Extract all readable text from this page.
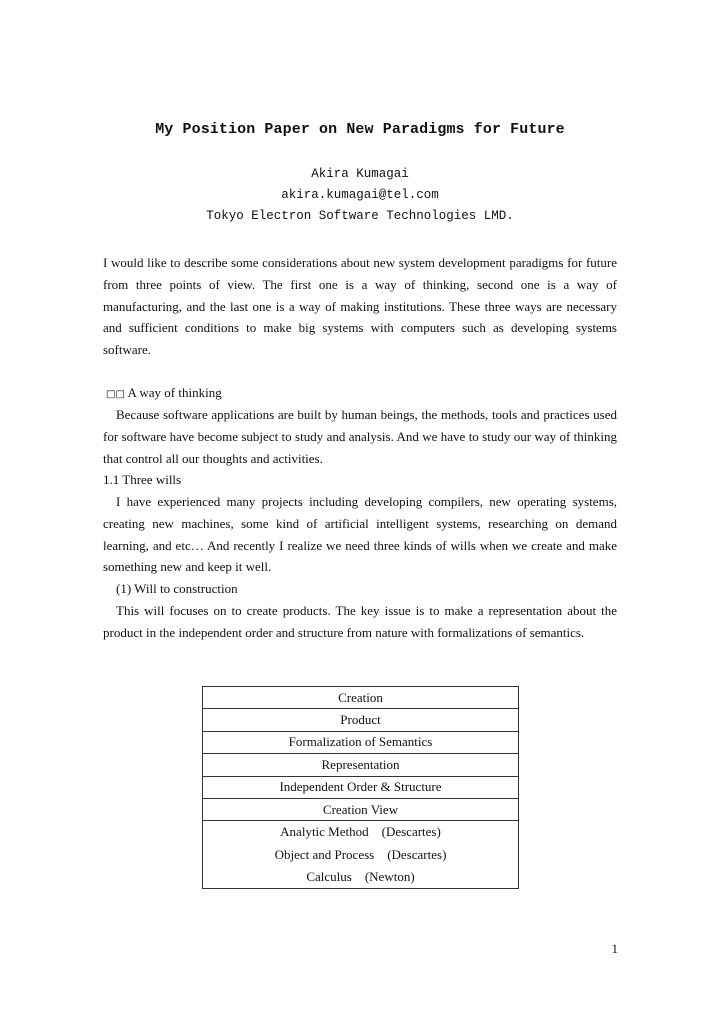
My Position Paper on New Paradigms for Future
Akira Kumagai
akira.kumagai@tel.com
Tokyo Electron Software Technologies LMD.

I would like to describe some considerations about new system development paradigms for future from three points of view. The first one is a way of thinking, second one is a way of manufacturing, and the last one is a way of making institutions. These three ways are necessary and sufficient conditions to make big systems with computers such as developing systems software.

□□ A way of thinking

Because software applications are built by human beings, the methods, tools and practices used for software have become subject to study and analysis. And we have to study our way of thinking that control all our thoughts and activities.

1.1 Three wills

I have experienced many projects including developing compilers, new operating systems, creating new machines, some kind of artificial intelligent systems, researching on demand learning, and etc… And recently I realize we need three kinds of wills when we create and make something new and keep it well.

(1) Will to construction

This will focuses on to create products. The key issue is to make a representation about the product in the independent order and structure from nature with formalizations of semantics.

Creation
Product
Formalization of Semantics
Representation
Independent Order & Structure
Creation View

Analytic Method　(Descartes)
Object and Process　(Descartes)
Calculus　(Newton)
1
